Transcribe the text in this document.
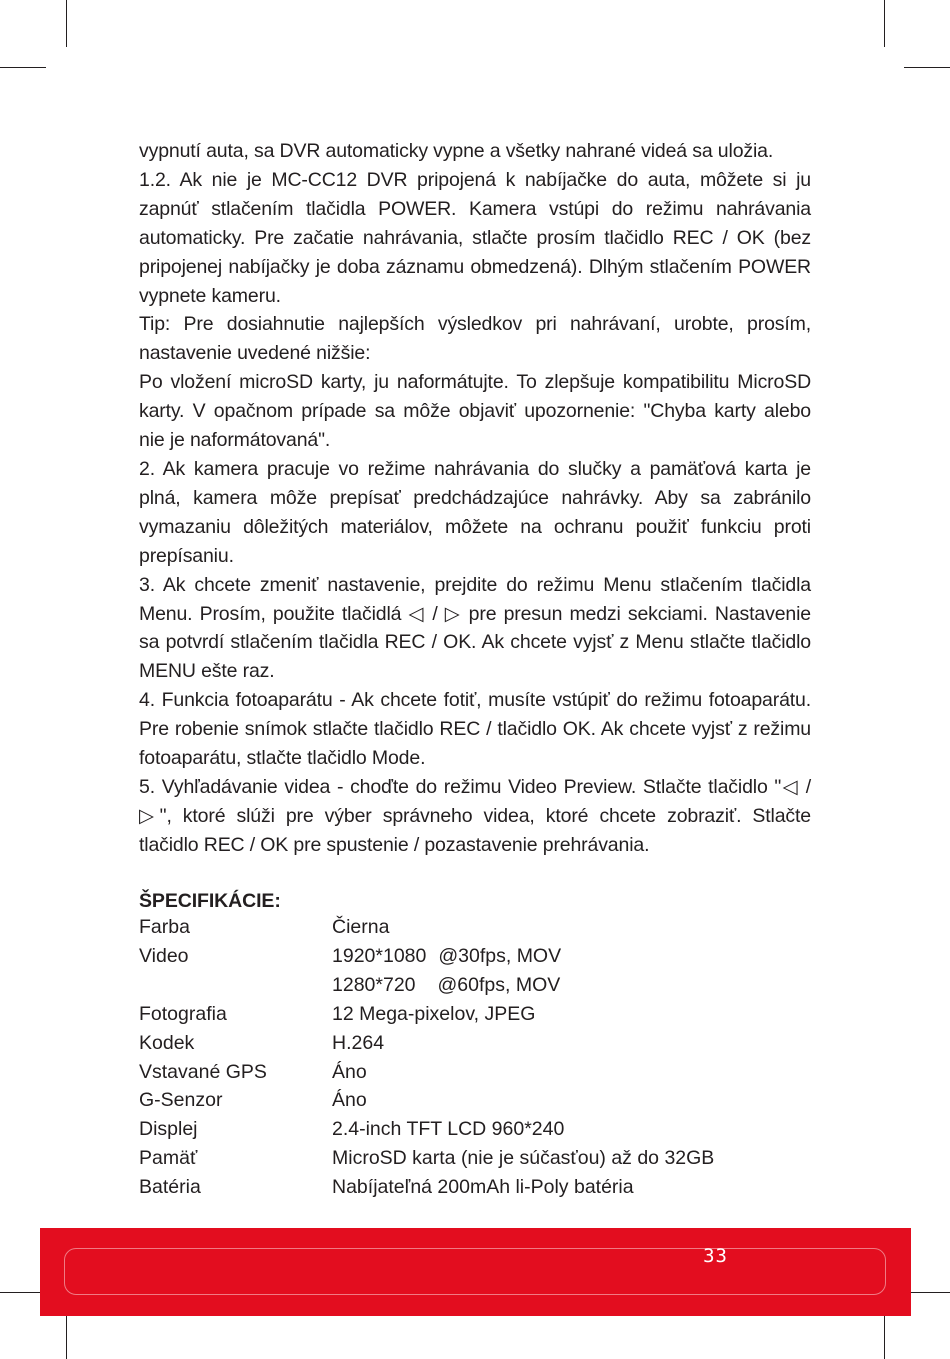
vypnutí auta, sa DVR automaticky vypne a všetky nahrané videá sa uložia.

1.2. Ak nie je MC-CC12 DVR pripojená k nabíjačke do auta, môžete si ju zapnúť stlačením tlačidla POWER. Kamera vstúpi do režimu nahrávania automaticky. Pre začatie nahrávania, stlačte prosím tlačidlo REC / OK (bez pripojenej nabíjačky je doba záznamu obmedzená). Dlhým stlačením POWER vypnete kameru.

Tip: Pre dosiahnutie najlepších výsledkov pri nahrávaní, urobte, prosím, nastavenie uvedené nižšie:

Po vložení microSD karty, ju naformátujte. To zlepšuje kompatibilitu MicroSD karty. V opačnom prípade sa môže objaviť upozornenie: "Chyba karty alebo nie je naformátovaná".

2. Ak kamera pracuje vo režime nahrávania do slučky a pamäťová karta je plná, kamera môže prepísať predchádzajúce nahrávky. Aby sa zabránilo vymazaniu dôležitých materiálov, môžete na ochranu použiť funkciu proti prepísaniu.

3. Ak chcete zmeniť nastavenie, prejdite do režimu Menu stlačením tlačidla Menu. Prosím, použite tlačidlá ◁ / ▷ pre presun medzi sekciami. Nastavenie sa potvrdí stlačením tlačidla REC / OK. Ak chcete vyjsť z Menu stlačte tlačidlo MENU ešte raz.

4. Funkcia fotoaparátu - Ak chcete fotiť, musíte vstúpiť do režimu fotoaparátu. Pre robenie snímok stlačte tlačidlo REC / tlačidlo OK. Ak chcete vyjsť z režimu fotoaparátu, stlačte tlačidlo Mode.

5. Vyhľadávanie videa - choďte do režimu Video Preview. Stlačte tlačidlo "◁ /▷", ktoré slúži pre výber správneho videa, ktoré chcete zobraziť. Stlačte tlačidlo REC / OK pre spustenie / pozastavenie prehrávania.

ŠPECIFIKÁCIE:
Farba	Čierna
Video	1920*1080 @30fps, MOV
1280*720 @60fps, MOV
Fotografia	12 Mega-pixelov, JPEG
Kodek	H.264
Vstavané GPS	Áno
G-Senzor	Áno
Displej	2.4-inch TFT LCD 960*240
Pamäť	MicroSD karta (nie je súčasťou) až do 32GB
Batéria	Nabíjateľná 200mAh li-Poly batéria
33
